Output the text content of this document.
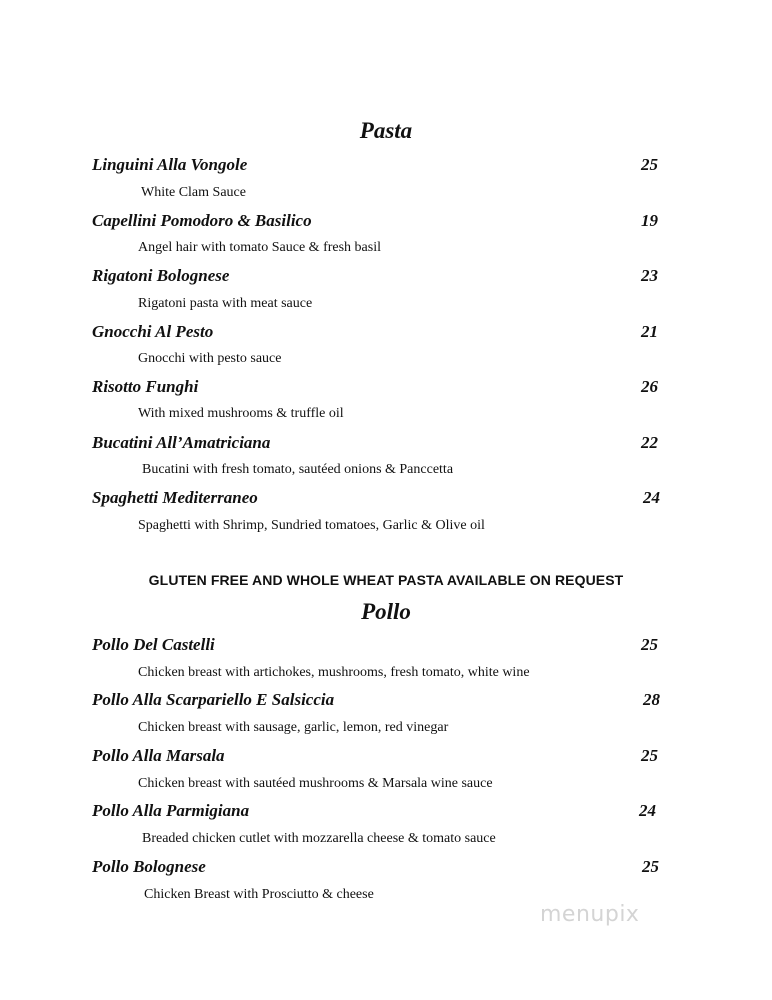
Pasta
Linguini Alla Vongole	25
White Clam Sauce
Capellini Pomodoro & Basilico	19
Angel hair with tomato Sauce & fresh basil
Rigatoni Bolognese	23
Rigatoni pasta with meat sauce
Gnocchi Al Pesto	21
Gnocchi with pesto sauce
Risotto Funghi	26
With mixed mushrooms & truffle oil
Bucatini All’Amatriciana	22
Bucatini with fresh tomato, sautéed onions & Panccetta
Spaghetti Mediterraneo	24
Spaghetti with Shrimp, Sundried tomatoes, Garlic & Olive oil
GLUTEN FREE AND WHOLE WHEAT PASTA AVAILABLE ON REQUEST
Pollo
Pollo Del Castelli	25
Chicken breast with artichokes, mushrooms, fresh tomato, white wine
Pollo Alla Scarpariello E Salsiccia	28
Chicken breast with sausage, garlic, lemon, red vinegar
Pollo Alla Marsala	25
Chicken breast with sautéed mushrooms & Marsala wine sauce
Pollo Alla Parmigiana	24
Breaded chicken cutlet with mozzarella cheese & tomato sauce
Pollo Bolognese	25
Chicken Breast with Prosciutto & cheese
menupix
